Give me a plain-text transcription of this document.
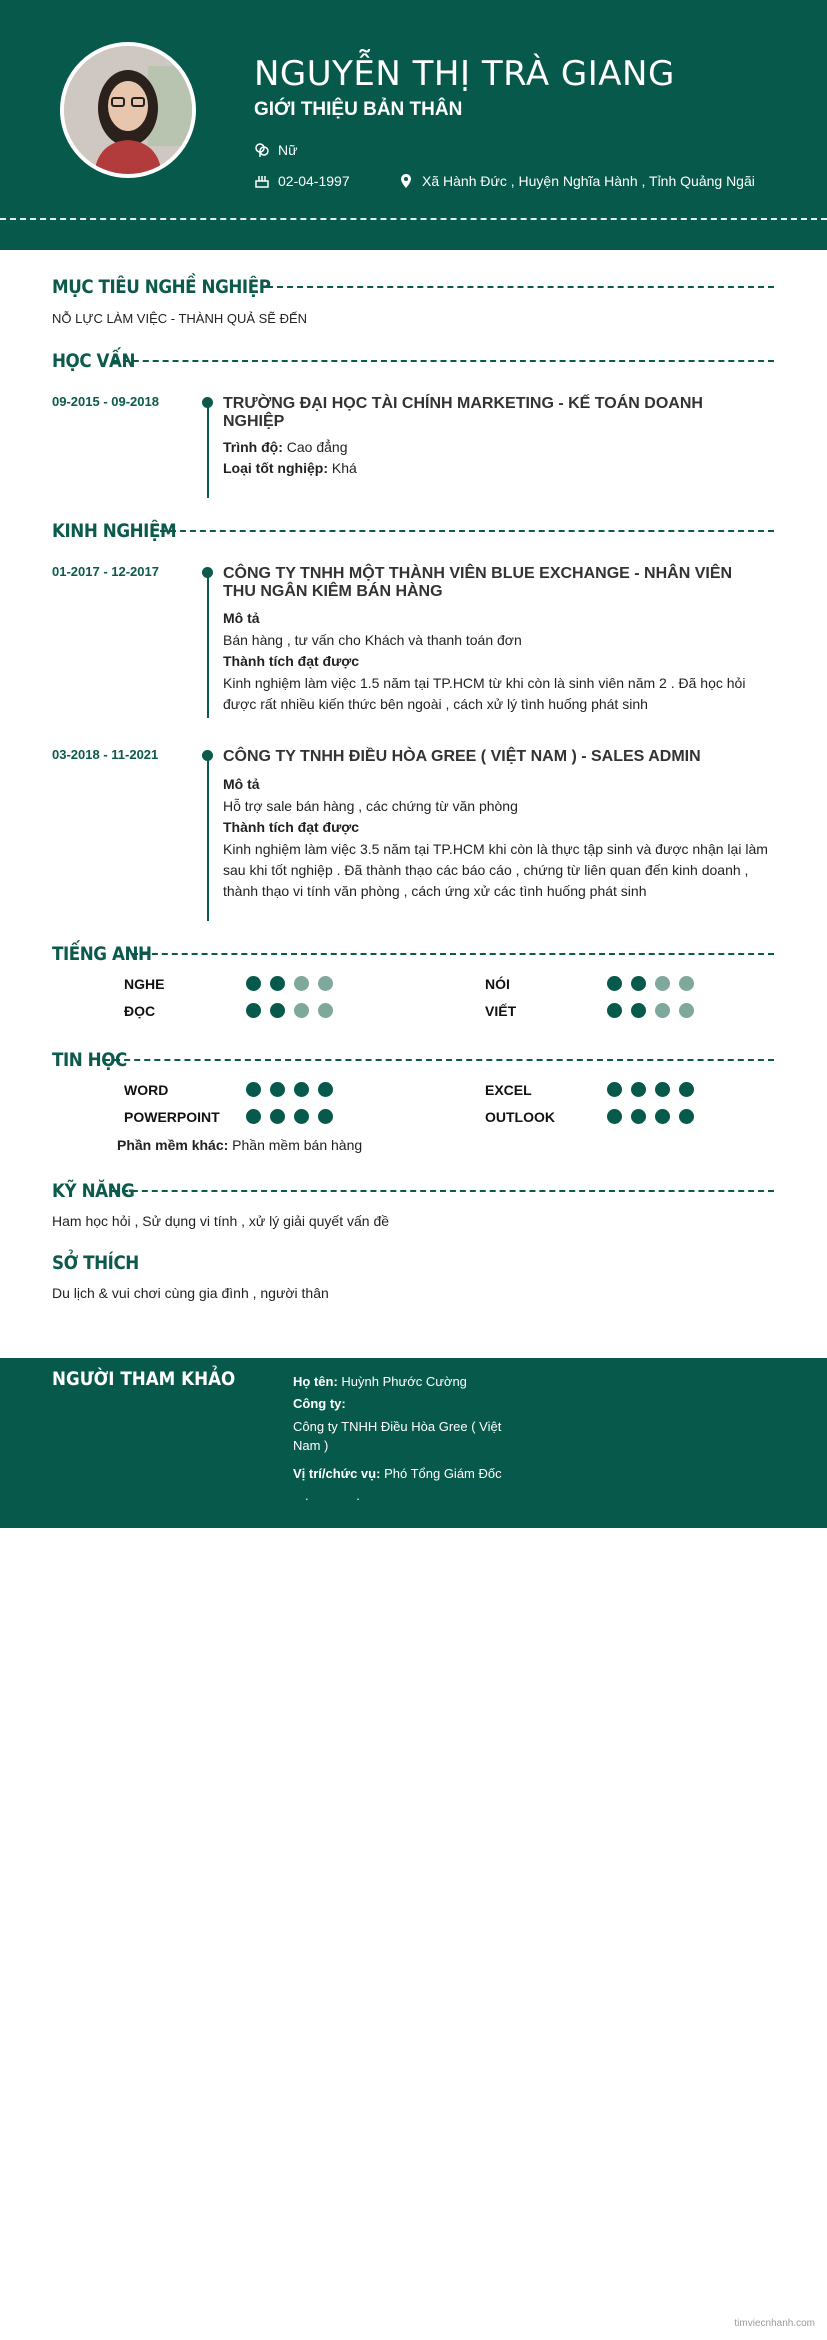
NGUYỄN THỊ TRÀ GIANG
GIỚI THIỆU BẢN THÂN
Nữ
02-04-1997	Xã Hành Đức , Huyện Nghĩa Hành , Tỉnh Quảng Ngãi
MỤC TIÊU NGHỀ NGHIỆP
NỖ LỰC LÀM VIỆC - THÀNH QUẢ SẼ ĐẾN
HỌC VẤN
09-2015 - 09-2018	TRƯỜNG ĐẠI HỌC TÀI CHÍNH MARKETING - KẾ TOÁN DOANH NGHIỆP
Trình độ: Cao đẳng
Loại tốt nghiệp: Khá
KINH NGHIỆM
01-2017 - 12-2017	CÔNG TY TNHH MỘT THÀNH VIÊN BLUE EXCHANGE - NHÂN VIÊN THU NGÂN KIÊM BÁN HÀNG
Mô tả
Bán hàng , tư vấn cho Khách và thanh toán đơn
Thành tích đạt được
Kinh nghiệm làm việc 1.5 năm tại TP.HCM từ khi còn là sinh viên năm 2 . Đã học hỏi được rất nhiều kiến thức bên ngoài , cách xử lý tình huống phát sinh
03-2018 - 11-2021	CÔNG TY TNHH ĐIỀU HÒA GREE ( VIỆT NAM ) - SALES ADMIN
Mô tả
Hỗ trợ sale bán hàng , các chứng từ văn phòng
Thành tích đạt được
Kinh nghiệm làm việc 3.5 năm tại TP.HCM khi còn là thực tập sinh và được nhận lại làm sau khi tốt nghiệp . Đã thành thạo các báo cáo , chứng từ liên quan đến kinh doanh , thành thạo vi tính văn phòng , cách ứng xử các tình huống phát sinh
TIẾNG ANH
NGHE	NÓI
ĐỌC	VIẾT
TIN HỌC
WORD	EXCEL
POWERPOINT	OUTLOOK
Phần mềm khác: Phần mềm bán hàng
KỸ NĂNG
Ham học hỏi , Sử dụng vi tính , xử lý giải quyết vấn đề
SỞ THÍCH
Du lịch & vui chơi cùng gia đình , người thân
NGƯỜI THAM KHẢO	Họ tên: Huỳnh Phước Cường
Công ty:
Công ty TNHH Điều Hòa Gree ( Việt Nam )
Vị trí/chức vụ: Phó Tổng Giám Đốc
. .
timviecnhanh.com
